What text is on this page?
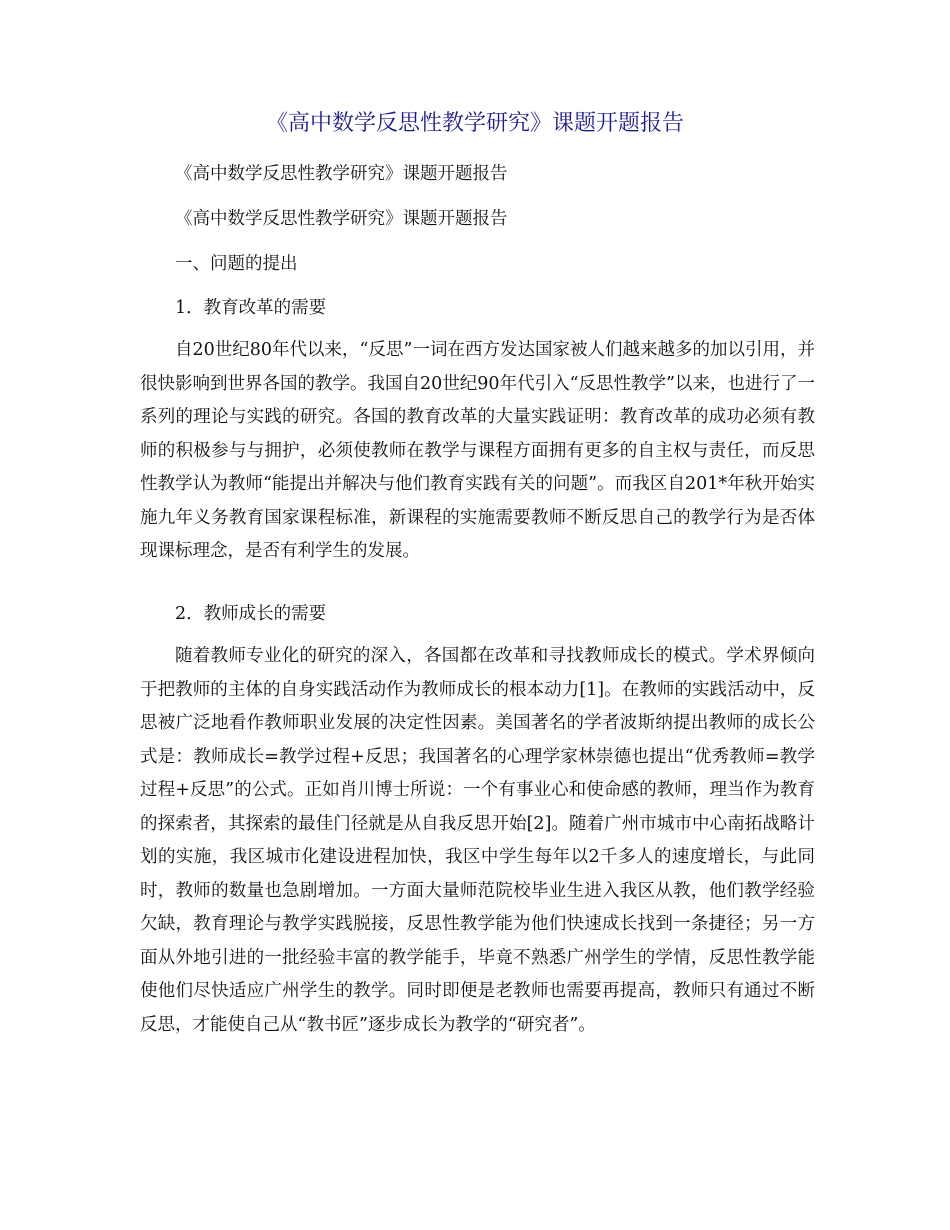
《高中数学反思性教学研究》课题开题报告

《高中数学反思性教学研究》课题开题报告

《高中数学反思性教学研究》课题开题报告

一、问题的提出

1．教育改革的需要

自20世纪80年代以来，“反思”一词在西方发达国家被人们越来越多的加以引用，并很快影响到世界各国的教学。我国自20世纪90年代引入“反思性教学”以来，也进行了一系列的理论与实践的研究。各国的教育改革的大量实践证明：教育改革的成功必须有教师的积极参与与拥护，必须使教师在教学与课程方面拥有更多的自主权与责任，而反思性教学认为教师“能提出并解决与他们教育实践有关的问题”。而我区自201*年秋开始实施九年义务教育国家课程标准，新课程的实施需要教师不断反思自己的教学行为是否体现课标理念，是否有利学生的发展。

2．教师成长的需要

随着教师专业化的研究的深入，各国都在改革和寻找教师成长的模式。学术界倾向于把教师的主体的自身实践活动作为教师成长的根本动力[1]。在教师的实践活动中，反思被广泛地看作教师职业发展的决定性因素。美国著名的学者波斯纳提出教师的成长公式是：教师成长=教学过程+反思；我国著名的心理学家林崇德也提出“优秀教师=教学过程+反思”的公式。正如肖川博士所说：一个有事业心和使命感的教师，理当作为教育的探索者，其探索的最佳门径就是从自我反思开始[2]。随着广州市城市中心南拓战略计划的实施，我区城市化建设进程加快，我区中学生每年以2千多人的速度增长，与此同时，教师的数量也急剧增加。一方面大量师范院校毕业生进入我区从教，他们教学经验欠缺，教育理论与教学实践脱接，反思性教学能为他们快速成长找到一条捷径；另一方面从外地引进的一批经验丰富的教学能手，毕竟不熟悉广州学生的学情，反思性教学能使他们尽快适应广州学生的教学。同时即便是老教师也需要再提高，教师只有通过不断反思，才能使自己从“教书匠”逐步成长为教学的“研究者”。
